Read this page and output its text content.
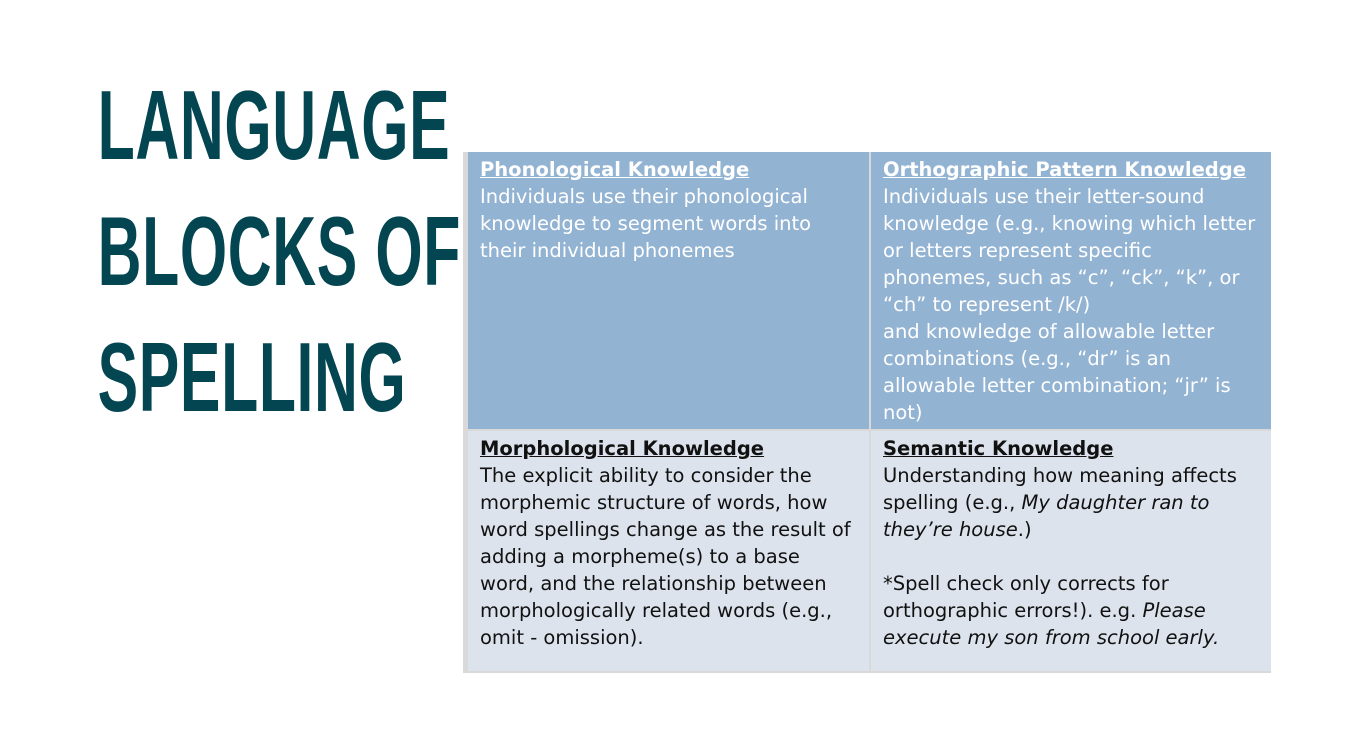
LANGUAGE
BLOCKS OF
SPELLING
Phonological Knowledge
Individuals use their phonological knowledge to segment words into their individual phonemes
Orthographic Pattern Knowledge
Individuals use their letter-sound knowledge (e.g., knowing which letter or letters represent specific phonemes, such as “c”, “ck”, “k”, or “ch” to represent /k/)
and knowledge of allowable letter combinations (e.g., “dr” is an allowable letter combination; “jr” is not)
Morphological Knowledge
The explicit ability to consider the morphemic structure of words, how word spellings change as the result of adding a morpheme(s) to a base word, and the relationship between morphologically related words (e.g., omit - omission).
Semantic Knowledge
Understanding how meaning affects spelling (e.g., My daughter ran to they’re house.)

*Spell check only corrects for orthographic errors!). e.g. Please execute my son from school early.
